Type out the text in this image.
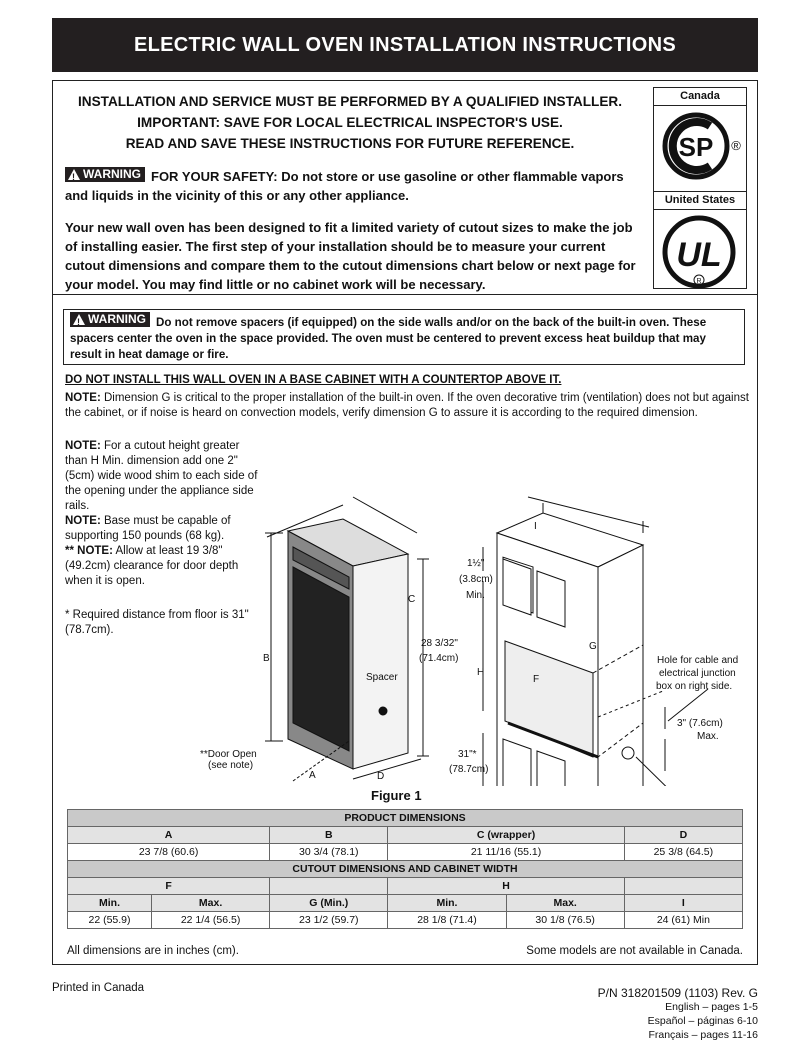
ELECTRIC WALL OVEN INSTALLATION INSTRUCTIONS
INSTALLATION AND SERVICE MUST BE PERFORMED BY A QUALIFIED INSTALLER.
IMPORTANT: SAVE FOR LOCAL ELECTRICAL INSPECTOR'S USE.
READ AND SAVE THESE INSTRUCTIONS FOR FUTURE REFERENCE.
!
WARNING FOR YOUR SAFETY: Do not store or use gasoline or other flammable vapors and liquids in the vicinity of this or any other appliance.
Your new wall oven has been designed to fit a limited variety of cutout sizes to make the job of installing easier. The first step of your installation should be to measure your current cutout dimensions and compare them to the cutout dimensions chart below or next page for your model. You may find little or no cabinet work will be necessary.
Canada
SP ®
United States
UL
R
!
WARNING Do not remove spacers (if equipped) on the side walls and/or on the back of the built-in oven. These spacers center the oven in the space provided. The oven must be centered to prevent excess heat buildup that may result in heat damage or fire.
DO NOT INSTALL THIS WALL OVEN IN A BASE CABINET WITH A COUNTERTOP ABOVE IT.
NOTE: Dimension G is critical to the proper installation of the built-in oven. If the oven decorative trim (ventilation) does not but against the cabinet, or if noise is heard on convection models, verify dimension G to assure it is according to the required dimension.

NOTE: For a cutout height greater than H Min. dimension add one 2" (5cm) wide wood shim to each side of the opening under the appliance side rails.

NOTE: Base must be capable of supporting 150 pounds (68 kg).

** NOTE: Allow at least 19 3/8" (49.2cm) clearance for door depth when it is open.

* Required distance from floor is 31" (78.7cm).
B
C
D
A
28 3/32"
(71.4cm)
Spacer
**Door Open
(see note)
1½"
(3.8cm)
Min.
H
F
G
I
31"*
(78.7cm)
Hole for cable and
electrical junction
box on right side.
3" (7.6cm)
Max.
Figure 1
PRODUCT DIMENSIONS					
A		B	C (wrapper)		D
23 7/8 (60.6)		30 3/4 (78.1)	21 11/16 (55.1)		25 3/8 (64.5)
CUTOUT DIMENSIONS AND CABINET WIDTH					
F			H		
Min.	Max.	G (Min.)	Min.	Max.	I
22 (55.9)	22 1/4 (56.5)	23 1/2 (59.7)	28 1/8 (71.4)	30 1/8 (76.5)	24 (61) Min
All dimensions are in inches (cm).	Some models are not available in Canada.
Printed in Canada	P/N 318201509 (1103) Rev. G
English – pages 1-5
Español – páginas 6-10
Français – pages 11-16
